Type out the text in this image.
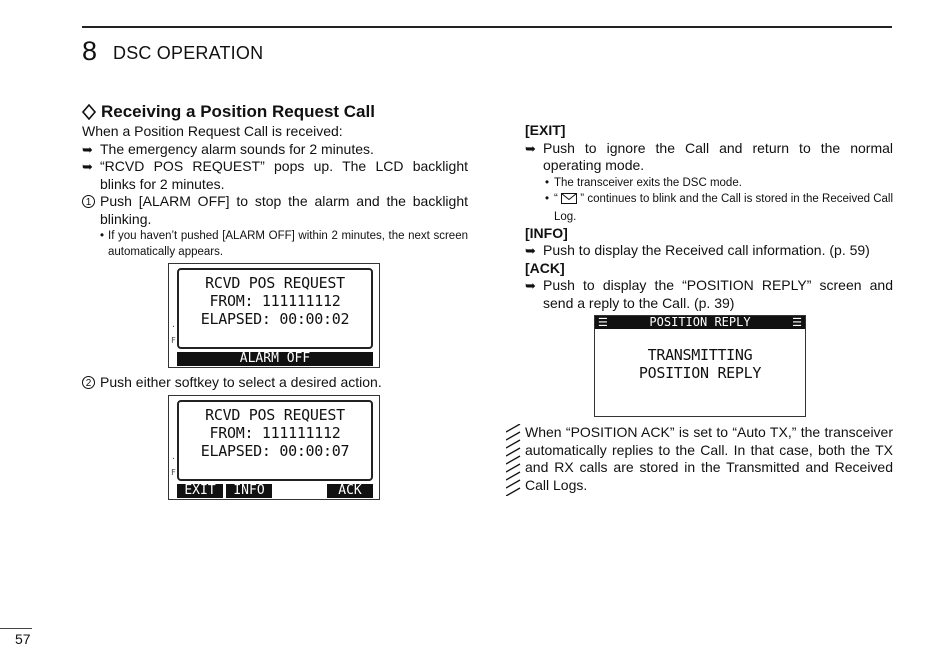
8 DSC OPERATION
Receiving a Position Request Call

When a Position Request Call is received:

➥ The emergency alarm sounds for 2 minutes.
➥ “RCVD POS REQUEST” pops up. The LCD backlight blinks for 2 minutes.
1 Push [ALARM OFF] to stop the alarm and the backlight blinking.
• If you haven’t pushed [ALARM OFF] within 2 minutes, the next screen automatically appears.
·
F
RCVD POS REQUEST
FROM: 111111112
ELAPSED: 00:00:02
ALARM OFF
2 Push either softkey to select a desired action.
·
F
RCVD POS REQUEST
FROM: 111111112
ELAPSED: 00:00:07
EXIT	INFO	ACK
[EXIT]
➥ Push to ignore the Call and return to the normal operating mode.
• The transceiver exits the DSC mode.
• “ ” continues to blink and the Call is stored in the Received Call Log.
[INFO]
➥ Push to display the Received call information. (p. 59)
[ACK]
➥ Push to display the “POSITION REPLY” screen and send a reply to the Call. (p. 39)
☰	POSITION REPLY	☰
TRANSMITTING
POSITION REPLY
When “POSITION ACK” is set to “Auto TX,” the transceiver automatically replies to the Call. In that case, both the TX and RX calls are stored in the Transmitted and Received Call Logs.
57
